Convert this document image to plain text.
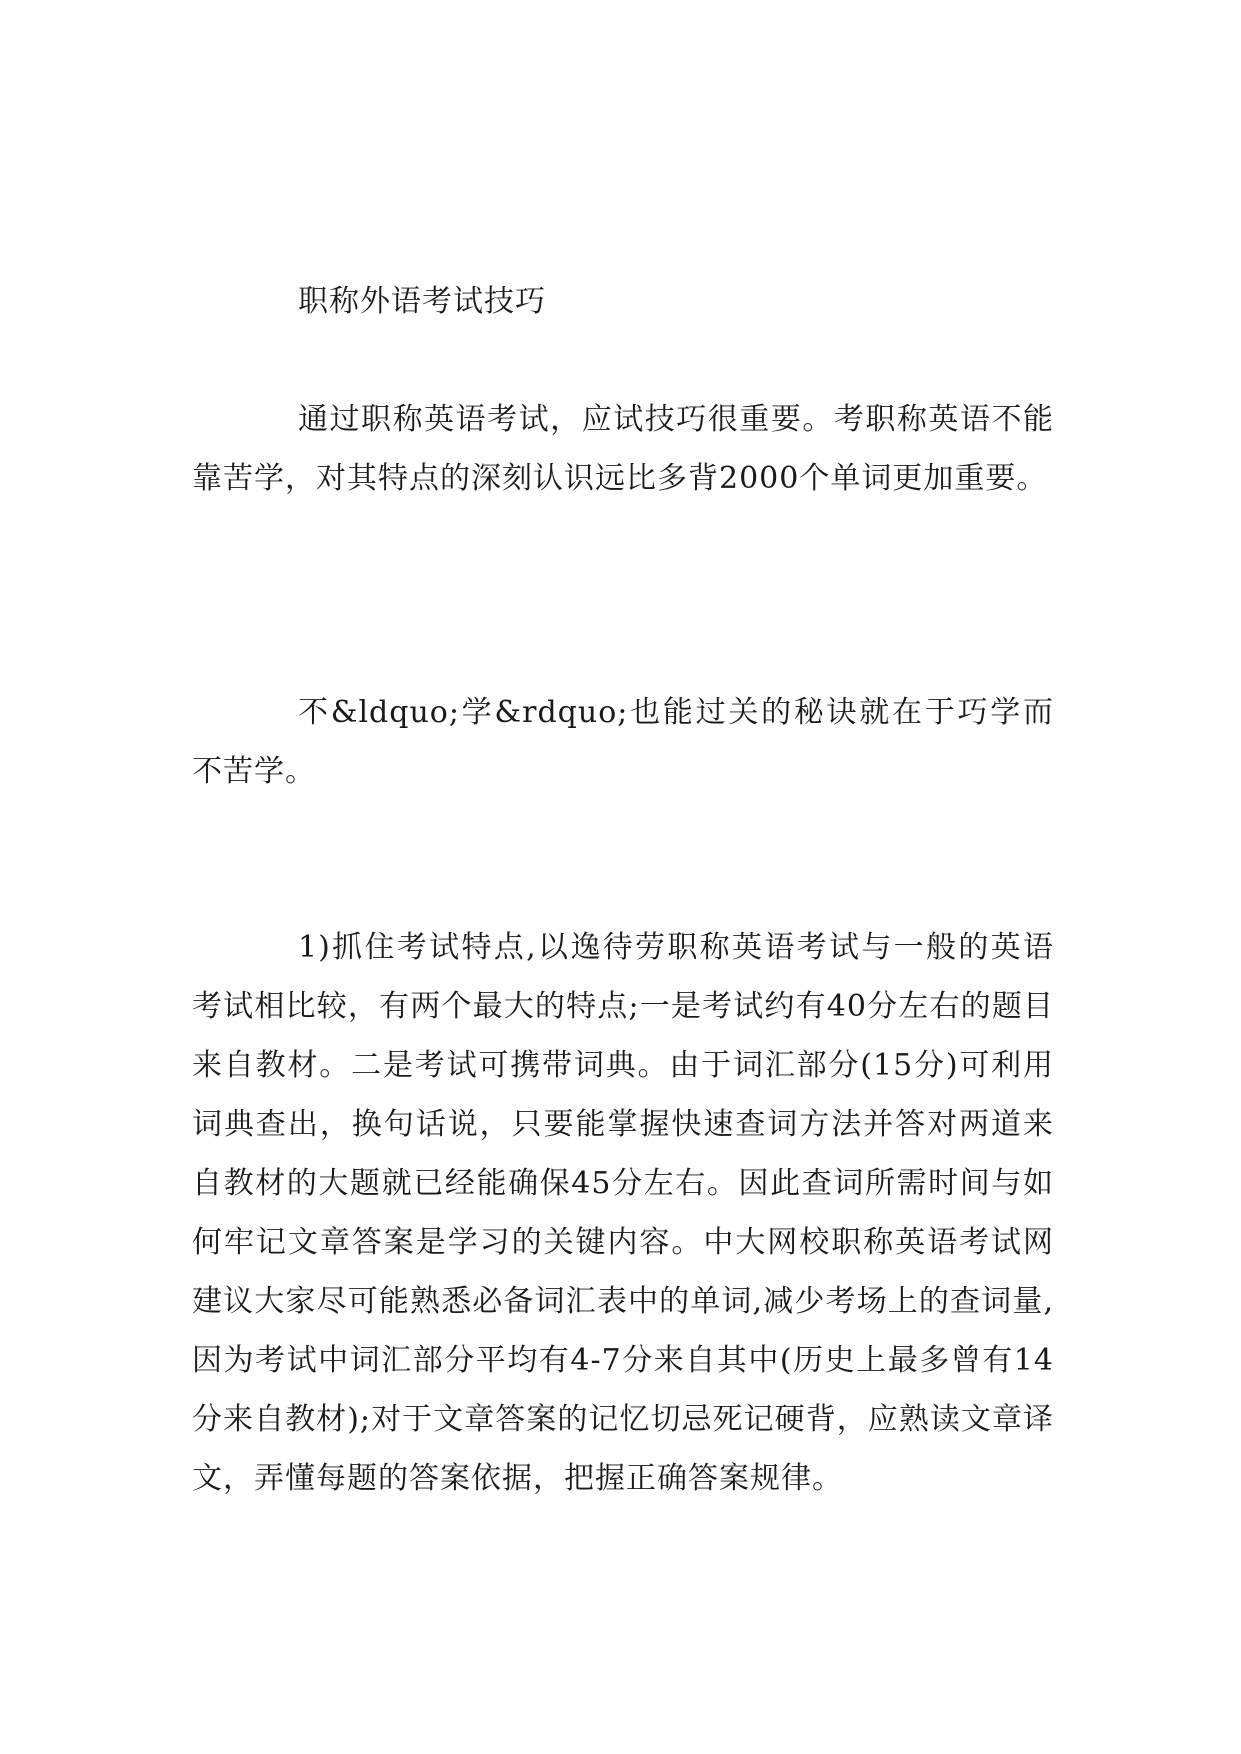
职称外语考试技巧
通过职称英语考试，应试技巧很重要。考职称英语不能靠苦学，对其特点的深刻认识远比多背2000个单词更加重要。
不&ldquo;学&rdquo;也能过关的秘诀就在于巧学而不苦学。
1)抓住考试特点,以逸待劳职称英语考试与一般的英语考试相比较，有两个最大的特点;一是考试约有40分左右的题目来自教材。二是考试可携带词典。由于词汇部分(15分)可利用词典查出，换句话说，只要能掌握快速查词方法并答对两道来自教材的大题就已经能确保45分左右。因此查词所需时间与如何牢记文章答案是学习的关键内容。中大网校职称英语考试网建议大家尽可能熟悉必备词汇表中的单词,减少考场上的查词量,因为考试中词汇部分平均有4-7分来自其中(历史上最多曾有14分来自教材);对于文章答案的记忆切忌死记硬背，应熟读文章译文，弄懂每题的答案依据，把握正确答案规律。
